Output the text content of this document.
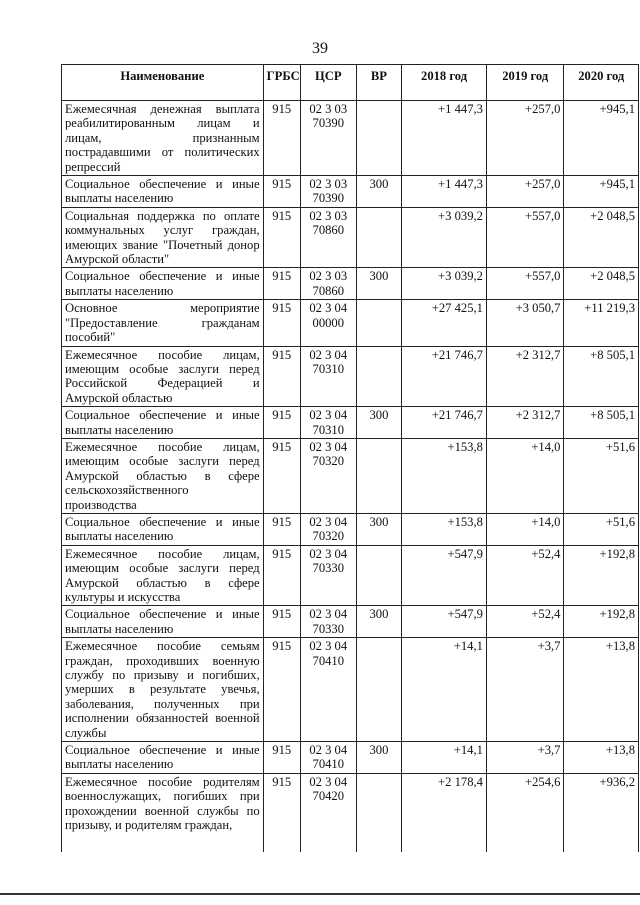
39
Наименование	ГРБС	ЦСР	ВР	2018 год	2019 год	2020 год
Ежемесячная денежная выплата реабилитированным лицам и лицам, признанным пострадавшими от политических репрессий	915	02 3 03 70390		+1 447,3	+257,0	+945,1
Социальное обеспечение и иные выплаты населению	915	02 3 03 70390	300	+1 447,3	+257,0	+945,1
Социальная поддержка по оплате коммунальных услуг граждан, имеющих звание "Почетный донор Амурской области"	915	02 3 03 70860		+3 039,2	+557,0	+2 048,5
Социальное обеспечение и иные выплаты населению	915	02 3 03 70860	300	+3 039,2	+557,0	+2 048,5
Основное мероприятие "Предоставление гражданам пособий"	915	02 3 04 00000		+27 425,1	+3 050,7	+11 219,3
Ежемесячное пособие лицам, имеющим особые заслуги перед Российской Федерацией и Амурской областью	915	02 3 04 70310		+21 746,7	+2 312,7	+8 505,1
Социальное обеспечение и иные выплаты населению	915	02 3 04 70310	300	+21 746,7	+2 312,7	+8 505,1
Ежемесячное пособие лицам, имеющим особые заслуги перед Амурской областью в сфере сельскохозяйственного производства	915	02 3 04 70320		+153,8	+14,0	+51,6
Социальное обеспечение и иные выплаты населению	915	02 3 04 70320	300	+153,8	+14,0	+51,6
Ежемесячное пособие лицам, имеющим особые заслуги перед Амурской областью в сфере культуры и искусства	915	02 3 04 70330		+547,9	+52,4	+192,8
Социальное обеспечение и иные выплаты населению	915	02 3 04 70330	300	+547,9	+52,4	+192,8
Ежемесячное пособие семьям граждан, проходивших военную службу по призыву и погибших, умерших в результате увечья, заболевания, полученных при исполнении обязанностей военной службы	915	02 3 04 70410		+14,1	+3,7	+13,8
Социальное обеспечение и иные выплаты населению	915	02 3 04 70410	300	+14,1	+3,7	+13,8
Ежемесячное пособие родителям военнослужащих, погибших при прохождении военной службы по призыву, и родителям граждан,	915	02 3 04 70420		+2 178,4	+254,6	+936,2
